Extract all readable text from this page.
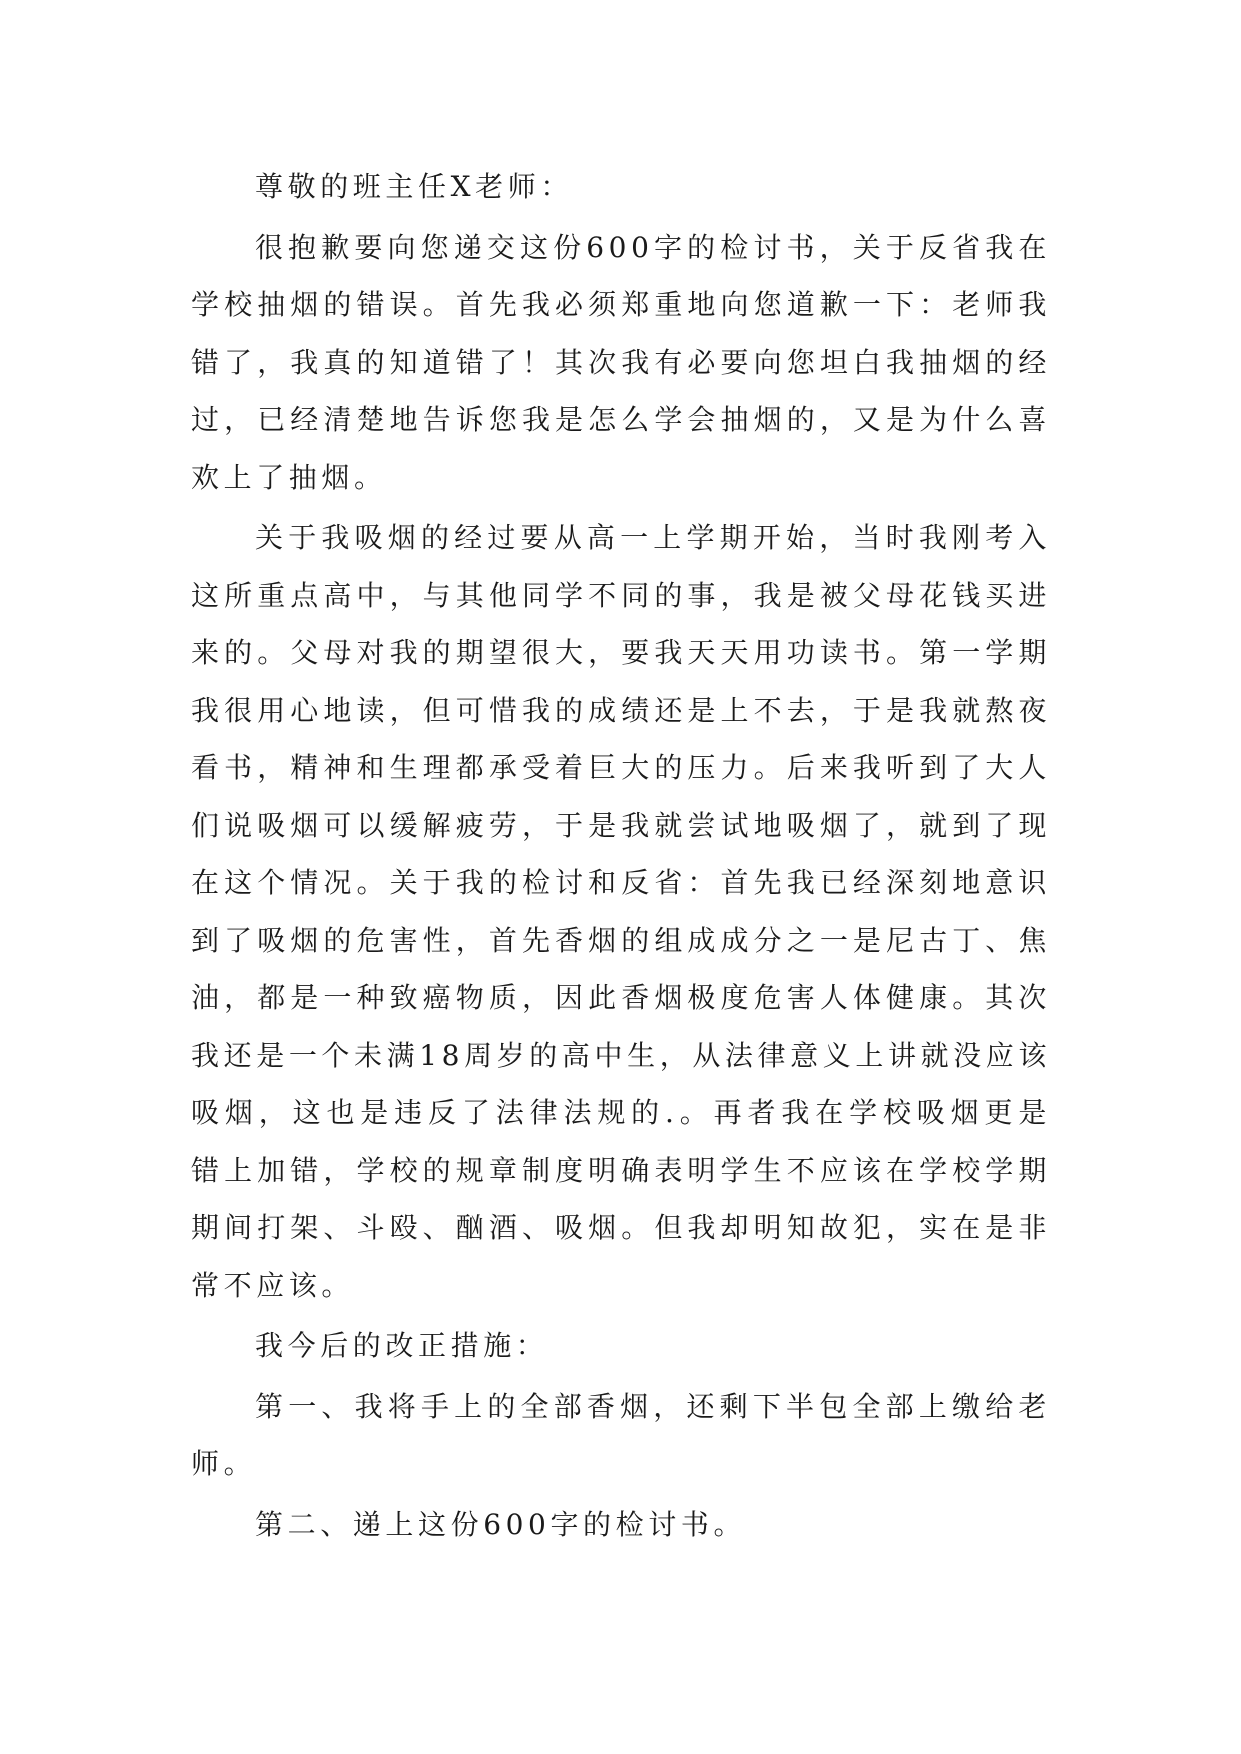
尊敬的班主任X老师：

很抱歉要向您递交这份600字的检讨书，关于反省我在学校抽烟的错误。首先我必须郑重地向您道歉一下：老师我错了，我真的知道错了！其次我有必要向您坦白我抽烟的经过，已经清楚地告诉您我是怎么学会抽烟的，又是为什么喜欢上了抽烟。

关于我吸烟的经过要从高一上学期开始，当时我刚考入这所重点高中，与其他同学不同的事，我是被父母花钱买进来的。父母对我的期望很大，要我天天用功读书。第一学期我很用心地读，但可惜我的成绩还是上不去，于是我就熬夜看书，精神和生理都承受着巨大的压力。后来我听到了大人们说吸烟可以缓解疲劳，于是我就尝试地吸烟了，就到了现在这个情况。关于我的检讨和反省：首先我已经深刻地意识到了吸烟的危害性，首先香烟的组成成分之一是尼古丁、焦油，都是一种致癌物质，因此香烟极度危害人体健康。其次我还是一个未满18周岁的高中生，从法律意义上讲就没应该吸烟，这也是违反了法律法规的.。再者我在学校吸烟更是错上加错，学校的规章制度明确表明学生不应该在学校学期期间打架、斗殴、酗酒、吸烟。但我却明知故犯，实在是非常不应该。

我今后的改正措施：

第一、我将手上的全部香烟，还剩下半包全部上缴给老师。

第二、递上这份600字的检讨书。
